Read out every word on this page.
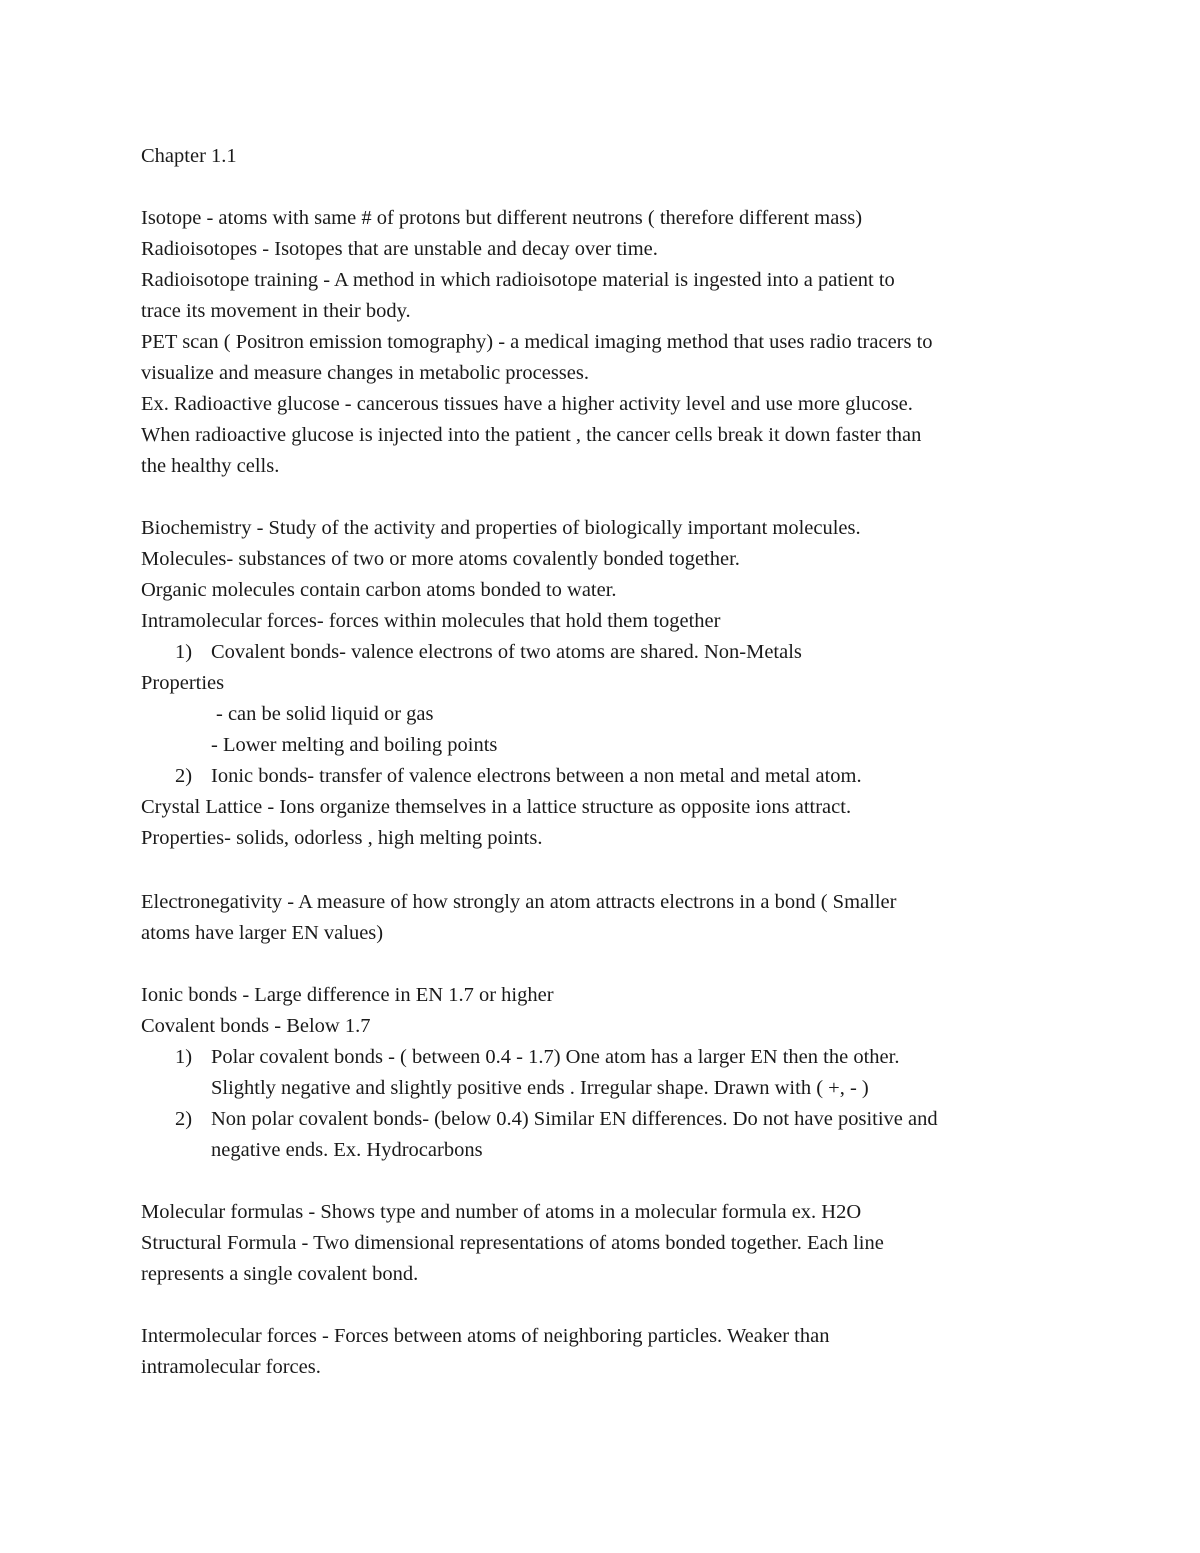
Chapter 1.1
Isotope - atoms with same # of protons but different neutrons ( therefore different mass)
Radioisotopes - Isotopes that are unstable and decay over time.
Radioisotope training - A method in which radioisotope material is ingested into a patient to
trace its movement in their body.
PET scan ( Positron emission tomography) - a medical imaging method that uses radio tracers to
visualize and measure changes in metabolic processes.
Ex. Radioactive glucose - cancerous tissues have a higher activity level and use more glucose.
When radioactive glucose is injected into the patient , the cancer cells break it down faster than
the healthy cells.
Biochemistry - Study of the activity and properties of biologically important molecules.
Molecules- substances of two or more atoms covalently bonded together.
Organic molecules contain carbon atoms bonded to water.
Intramolecular forces- forces within molecules that hold them together
1) Covalent bonds- valence electrons of two atoms are shared. Non-Metals
Properties
- can be solid liquid or gas
- Lower melting and boiling points
2) Ionic bonds- transfer of valence electrons between a non metal and metal atom.
Crystal Lattice - Ions organize themselves in a lattice structure as opposite ions attract.
Properties- solids, odorless , high melting points.
Electronegativity - A measure of how strongly an atom attracts electrons in a bond ( Smaller
atoms have larger EN values)
Ionic bonds - Large difference in EN 1.7 or higher
Covalent bonds - Below 1.7
1) Polar covalent bonds - ( between 0.4 - 1.7) One atom has a larger EN then the other.
Slightly negative and slightly positive ends . Irregular shape. Drawn with ( +, - )
2) Non polar covalent bonds- (below 0.4) Similar EN differences. Do not have positive and
negative ends. Ex. Hydrocarbons
Molecular formulas - Shows type and number of atoms in a molecular formula ex. H2O
Structural Formula - Two dimensional representations of atoms bonded together. Each line
represents a single covalent bond.
Intermolecular forces - Forces between atoms of neighboring particles. Weaker than
intramolecular forces.
